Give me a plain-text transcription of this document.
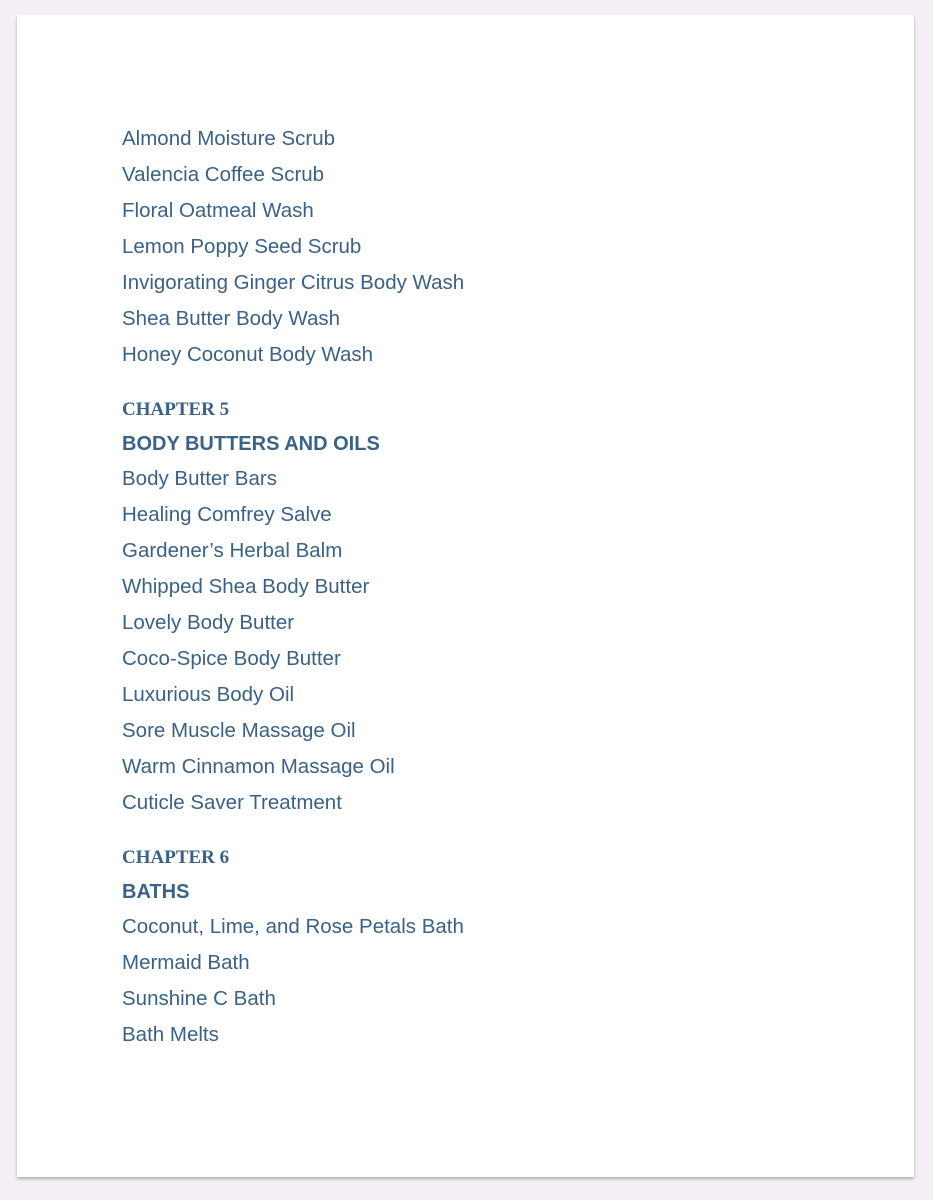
Almond Moisture Scrub
Valencia Coffee Scrub
Floral Oatmeal Wash
Lemon Poppy Seed Scrub
Invigorating Ginger Citrus Body Wash
Shea Butter Body Wash
Honey Coconut Body Wash
CHAPTER 5
BODY BUTTERS AND OILS
Body Butter Bars
Healing Comfrey Salve
Gardener’s Herbal Balm
Whipped Shea Body Butter
Lovely Body Butter
Coco-Spice Body Butter
Luxurious Body Oil
Sore Muscle Massage Oil
Warm Cinnamon Massage Oil
Cuticle Saver Treatment
CHAPTER 6
BATHS
Coconut, Lime, and Rose Petals Bath
Mermaid Bath
Sunshine C Bath
Bath Melts
